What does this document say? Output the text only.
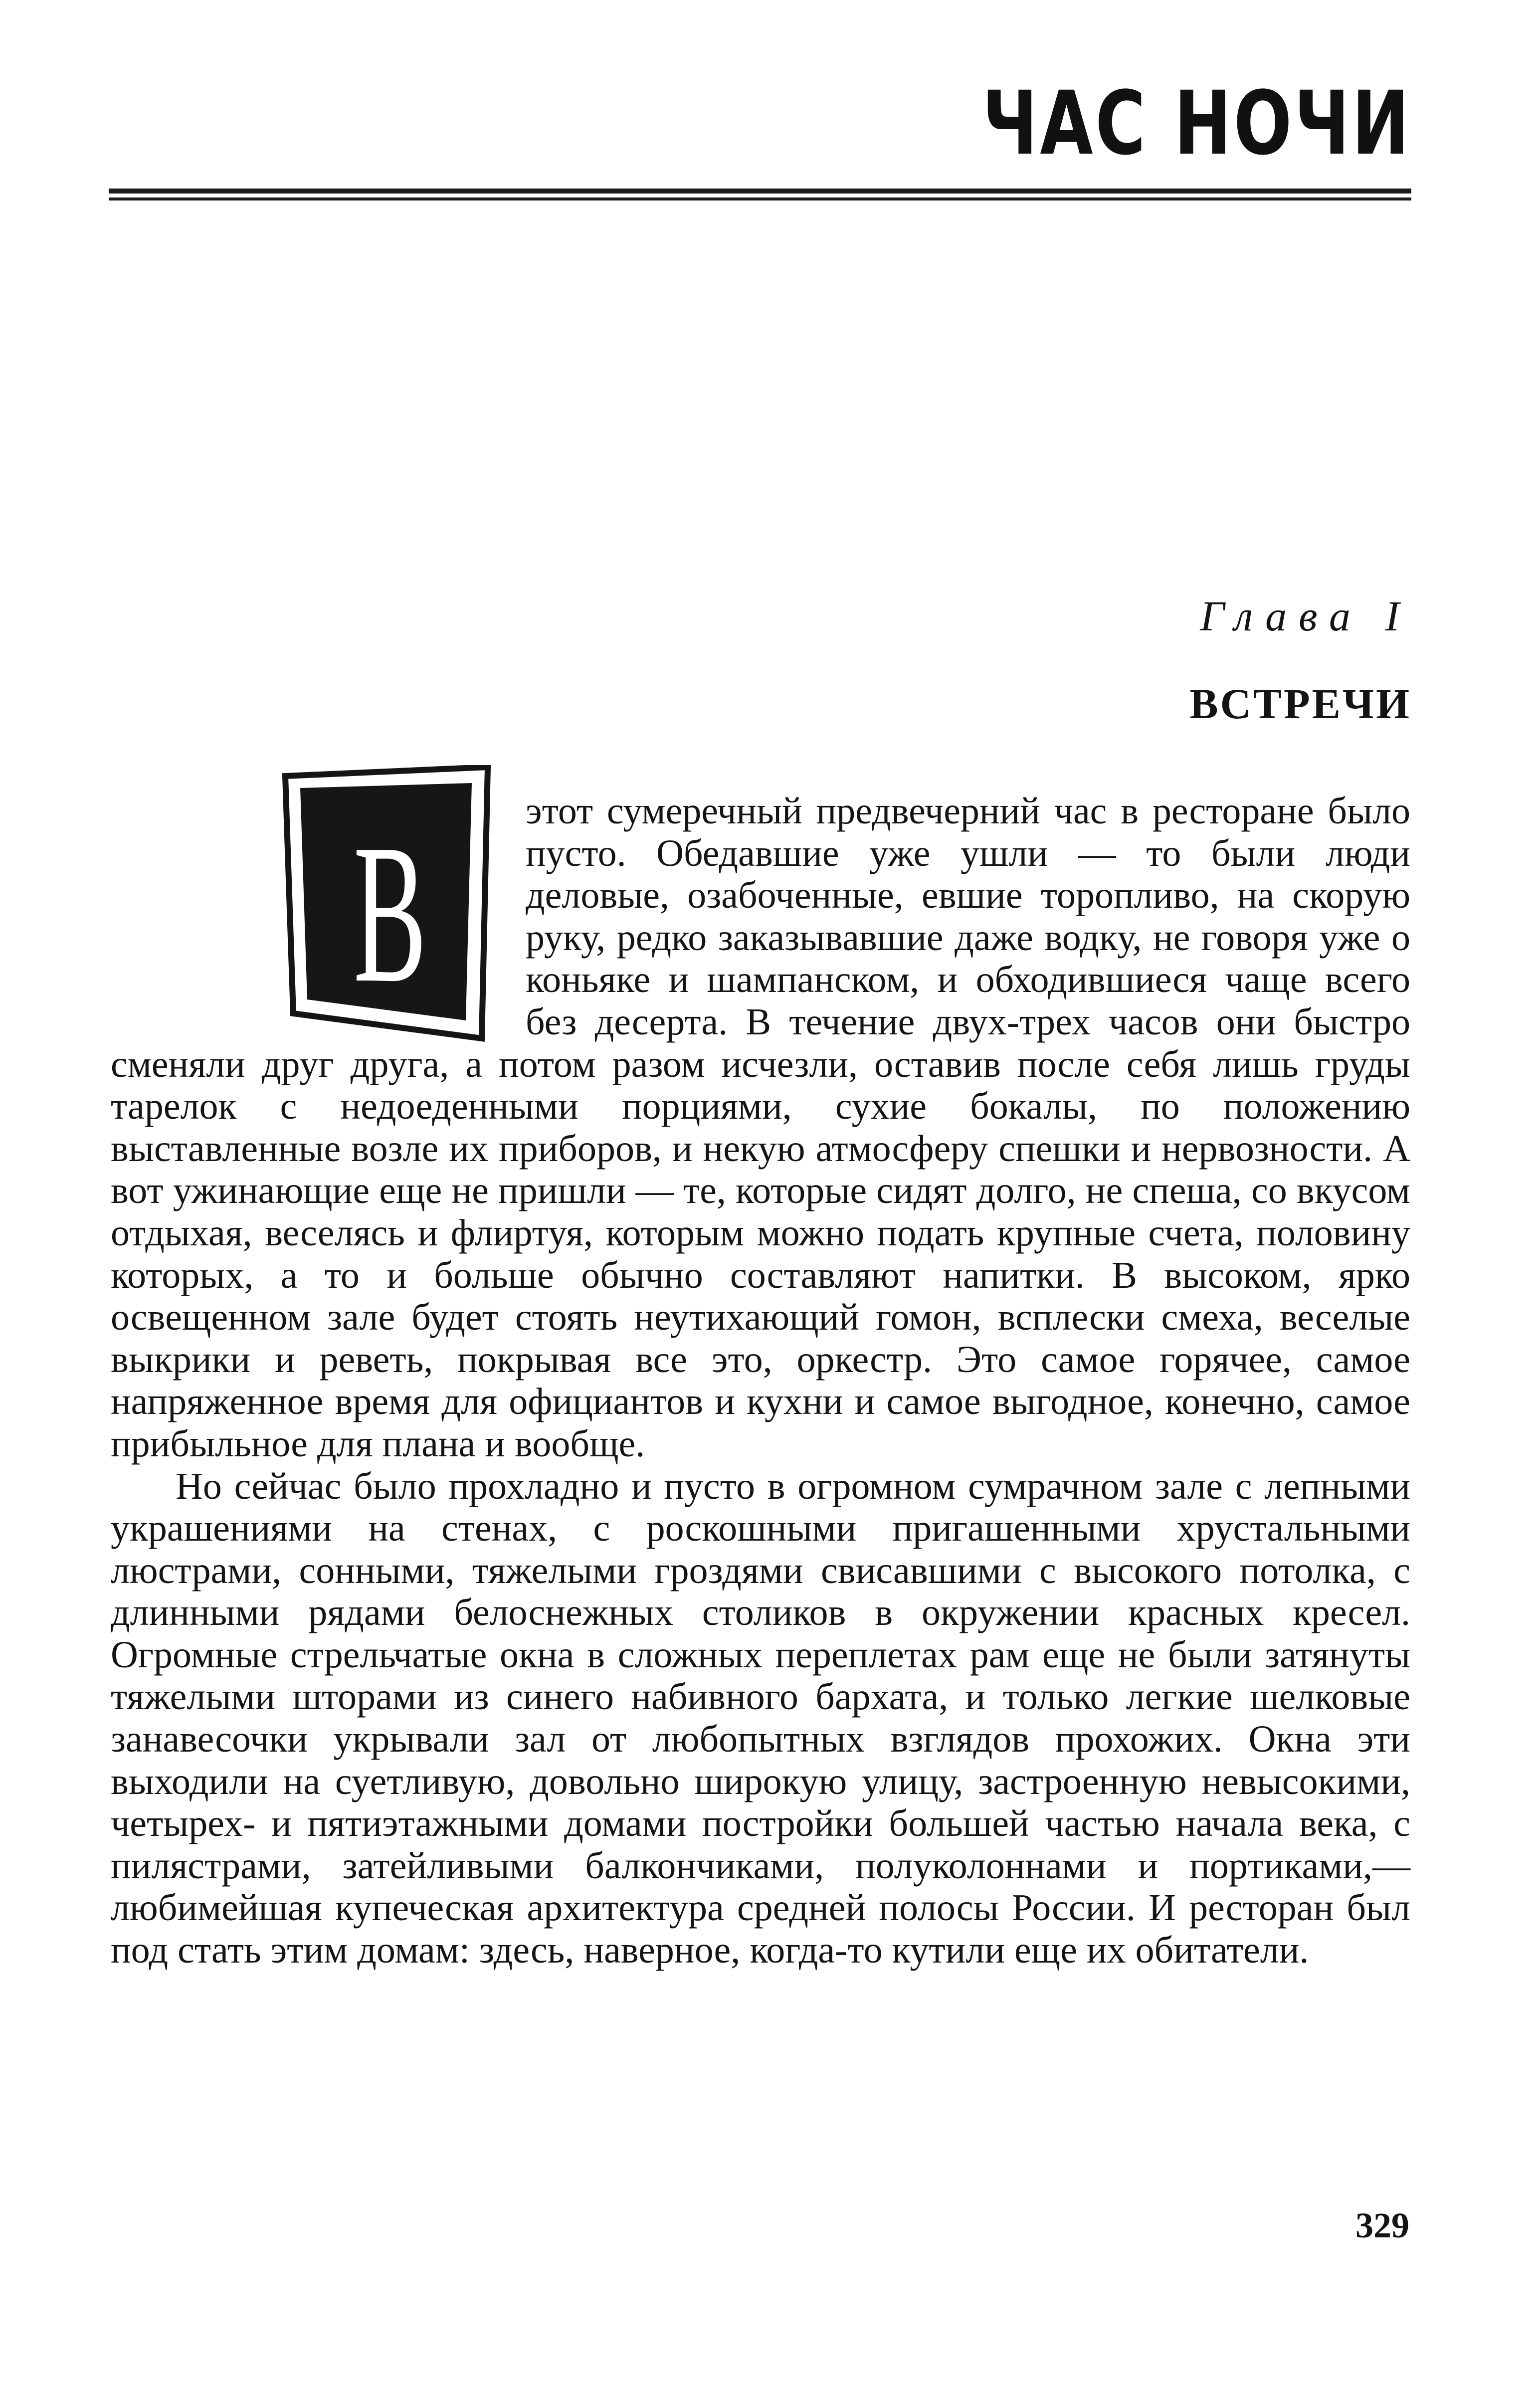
ЧАС НОЧИ
Глава I
ВСТРЕЧИ
В	этот сумеречный предвечерний час в ресторане было пусто. Обедавшие уже ушли — то были люди деловые, озабоченные, евшие торопливо, на скорую руку, редко заказывавшие даже водку, не говоря уже о коньяке и шампанском, и обходившиеся чаще всего без десерта. В течение двух-трех часов они быстро сменяли друг друга, а потом разом исчезли, оставив после себя лишь груды тарелок с недоеденными порциями, сухие бокалы, по положению выставленные возле их приборов, и некую атмосферу спешки и нервозности. А вот ужинающие еще не пришли — те, которые сидят долго, не спеша, со вкусом отдыхая, веселясь и флиртуя, которым можно подать крупные счета, половину которых, а то и больше обычно составляют напитки. В высоком, ярко освещенном зале будет стоять неутихающий гомон, всплески смеха, веселые выкрики и реветь, покрывая все это, оркестр. Это самое горячее, самое напряженное время для официантов и кухни и самое выгодное, конечно, самое прибыльное для плана и вообще.

Но сейчас было прохладно и пусто в огромном сумрачном зале с лепными украшениями на стенах, с роскошными пригашенными хрустальными люстрами, сонными, тяжелыми гроздями свисавшими с высокого потолка, с длинными рядами белоснежных столиков в окружении красных кресел. Огромные стрельчатые окна в сложных переплетах рам еще не были затянуты тяжелыми шторами из синего набивного бархата, и только легкие шелковые занавесочки укрывали зал от любопытных взглядов прохожих. Окна эти выходили на суетливую, довольно широкую улицу, застроенную невысокими, четырех- и пятиэтажными домами постройки большей частью начала века, с пилястрами, затейливыми балкончиками, полуколоннами и портиками,— любимейшая купеческая архитектура средней полосы России. И ресторан был под стать этим домам: здесь, наверное, когда-то кутили еще их обитатели.

329
